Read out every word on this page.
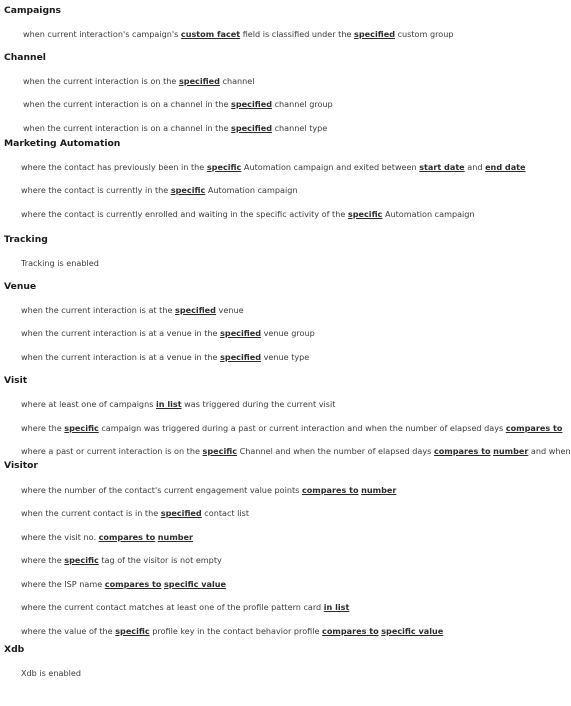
Campaigns
when current interaction's campaign's custom facet field is classified under the specified custom group
Channel
when the current interaction is on the specified channel
when the current interaction is on a channel in the specified channel group
when the current interaction is on a channel in the specified channel type
Marketing Automation
where the contact has previously been in the specific Automation campaign and exited between start date and end date
where the contact is currently in the specific Automation campaign
where the contact is currently enrolled and waiting in the specific activity of the specific Automation campaign
Tracking
Tracking is enabled
Venue
when the current interaction is at the specified venue
when the current interaction is at a venue in the specified venue group
when the current interaction is at a venue in the specified venue type
Visit
where at least one of campaigns in list was triggered during the current visit
where the specific campaign was triggered during a past or current interaction and when the number of elapsed days compares to
where a past or current interaction is on the specific Channel and when the number of elapsed days compares to number and when
Visitor
where the number of the contact's current engagement value points compares to number
when the current contact is in the specified contact list
where the visit no. compares to number
where the specific tag of the visitor is not empty
where the ISP name compares to specific value
where the current contact matches at least one of the profile pattern card in list
where the value of the specific profile key in the contact behavior profile compares to specific value
Xdb
Xdb is enabled
